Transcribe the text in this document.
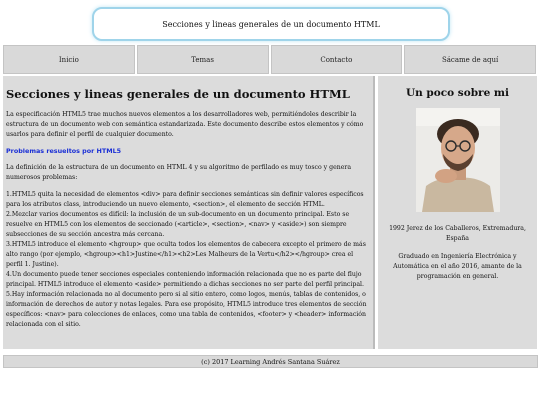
Secciones y lineas generales de un documento HTML
Inicio	Temas	Contacto	Sácame de aquí
Secciones y lineas generales de un documento HTML

La especificación HTML5 trae muchos nuevos elementos a los desarrolladores web, permitiéndoles describir la estructura de un documento web con semántica estandarizada. Este documento describe estos elementos y cómo usarlos para definir el perfil de cualquier documento.

Problemas resueltos por HTML5

La definición de la estructura de un documento en HTML 4 y su algoritmo de perfilado es muy tosco y genera numerosos problemas:

1.HTML5 quita la necesidad de elementos <div> para definir secciones semánticas sin definir valores específicos para los atributos class, introduciendo un nuevo elemento, <section>, el elemento de sección HTML.
2.Mezclar varios documentos es difícil: la inclusión de un sub-documento en un documento principal. Esto se resuelve en HTML5 con los elementos de seccionado (<article>, <section>, <nav> y <aside>) son siempre subsecciones de su sección ancestra más cercana.
3.HTML5 introduce el elemento <hgroup> que oculta todos los elementos de cabecera excepto el primero de más alto rango (por ejemplo, <hgroup><h1>Justine</h1><h2>Les Malheurs de la Vertu</h2></hgroup> crea el perfil 1. Justine).
4.Un documento puede tener secciones especiales conteniendo información relacionada que no es parte del flujo principal. HTML5 introduce el elemento <aside> permitiendo a dichas secciones no ser parte del perfil principal.
5.Hay información relacionada no al documento pero si al sitio entero, como logos, menús, tablas de contenidos, o información de derechos de autor y notas legales. Para ese propósito, HTML5 introduce tres elementos de sección específicos: <nav> para colecciones de enlaces, como una tabla de contenidos, <footer> y <header> información relacionada con el sitio.
Un poco sobre mi

1992 Jerez de los Caballeros, Extremadura, España

Graduado en Ingeniería Electrónica y Automática en el año 2016, amante de la programación en general.

(c) 2017 Learning Andrés Santana Suárez
